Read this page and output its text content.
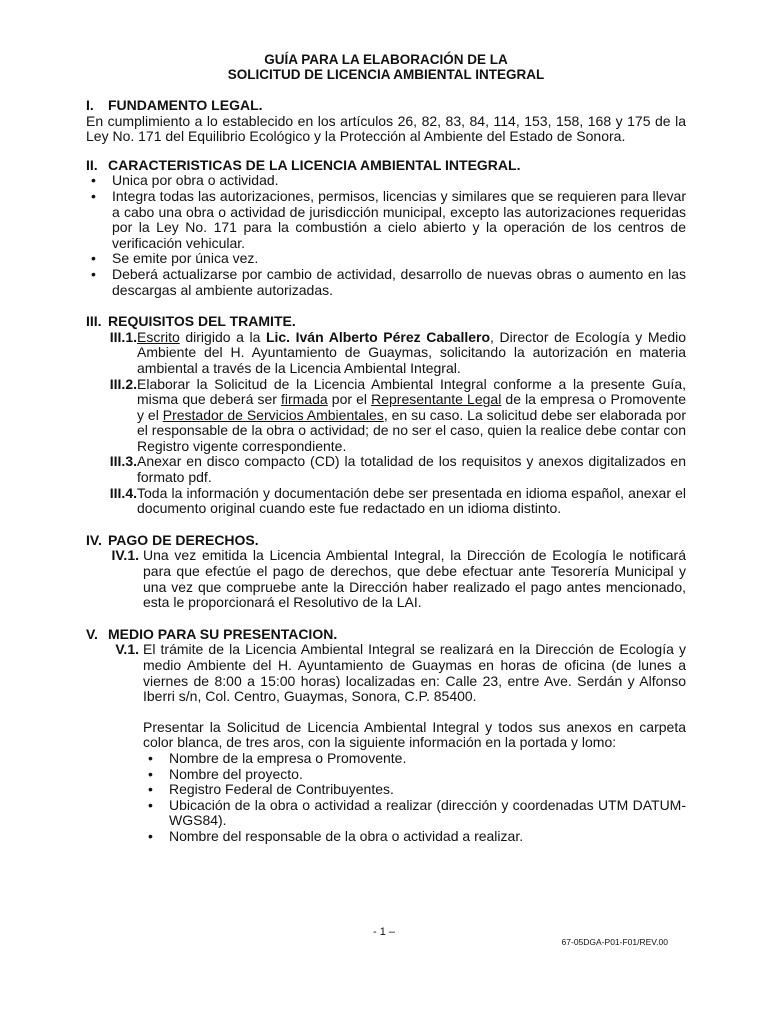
GUÍA PARA LA ELABORACIÓN DE LA
SOLICITUD DE LICENCIA AMBIENTAL INTEGRAL
I.	FUNDAMENTO LEGAL.
En cumplimiento a lo establecido en los artículos 26, 82, 83, 84, 114, 153, 158, 168 y 175 de la Ley No. 171 del Equilibrio Ecológico y la Protección al Ambiente del Estado de Sonora.
II. CARACTERISTICAS DE LA LICENCIA AMBIENTAL INTEGRAL.
• Unica por obra o actividad.
• Integra todas las autorizaciones, permisos, licencias y similares que se requieren para llevar a cabo una obra o actividad de jurisdicción municipal, excepto las autorizaciones requeridas por la Ley No. 171 para la combustión a cielo abierto y la operación de los centros de verificación vehicular.
• Se emite por única vez.
• Deberá actualizarse por cambio de actividad, desarrollo de nuevas obras o aumento en las descargas al ambiente autorizadas.
III. REQUISITOS DEL TRAMITE.
III.1. Escrito dirigido a la Lic. Iván Alberto Pérez Caballero, Director de Ecología y Medio Ambiente del H. Ayuntamiento de Guaymas, solicitando la autorización en materia ambiental a través de la Licencia Ambiental Integral.
III.2. Elaborar la Solicitud de la Licencia Ambiental Integral conforme a la presente Guía, misma que deberá ser firmada por el Representante Legal de la empresa o Promovente y el Prestador de Servicios Ambientales, en su caso. La solicitud debe ser elaborada por el responsable de la obra o actividad; de no ser el caso, quien la realice debe contar con Registro vigente correspondiente.
III.3. Anexar en disco compacto (CD) la totalidad de los requisitos y anexos digitalizados en formato pdf.
III.4. Toda la información y documentación debe ser presentada en idioma español, anexar el documento original cuando este fue redactado en un idioma distinto.
IV. PAGO DE DERECHOS.
IV.1. Una vez emitida la Licencia Ambiental Integral, la Dirección de Ecología le notificará para que efectúe el pago de derechos, que debe efectuar ante Tesorería Municipal y una vez que compruebe ante la Dirección haber realizado el pago antes mencionado, esta le proporcionará el Resolutivo de la LAI.
V. MEDIO PARA SU PRESENTACION.
V.1. El trámite de la Licencia Ambiental Integral se realizará en la Dirección de Ecología y medio Ambiente del H. Ayuntamiento de Guaymas en horas de oficina (de lunes a viernes de 8:00 a 15:00 horas) localizadas en: Calle 23, entre Ave. Serdán y Alfonso Iberri s/n, Col. Centro, Guaymas, Sonora, C.P. 85400.
Presentar la Solicitud de Licencia Ambiental Integral y todos sus anexos en carpeta color blanca, de tres aros, con la siguiente información en la portada y lomo:
• Nombre de la empresa o Promovente.
• Nombre del proyecto.
• Registro Federal de Contribuyentes.
• Ubicación de la obra o actividad a realizar (dirección y coordenadas UTM DATUM-WGS84).
• Nombre del responsable de la obra o actividad a realizar.
- 1 –
67-05DGA-P01-F01/REV.00
